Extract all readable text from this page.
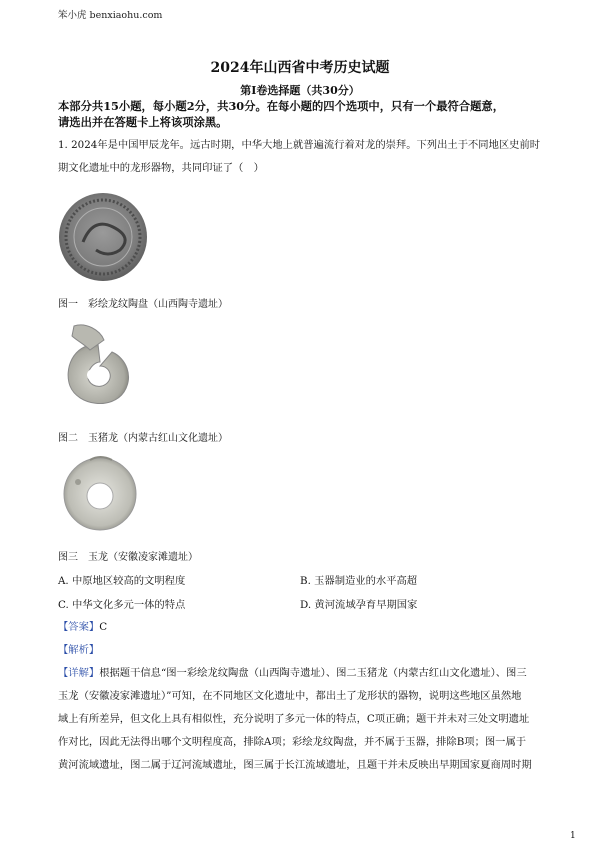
笨小虎 benxiaohu.com
2024年山西省中考历史试题
第Ⅰ卷选择题（共30分）
本部分共15小题，每小题2分，共30分。在每小题的四个选项中，只有一个最符合题意，
请选出并在答题卡上将该项涂黑。
1. 2024年是中国甲辰龙年。远古时期，中华大地上就普遍流行着对龙的崇拜。下列出土于不同地区史前时
期文化遗址中的龙形器物，共同印证了（　）
图一　彩绘龙纹陶盘（山西陶寺遗址）
图二　玉猪龙（内蒙古红山文化遗址）
图三　玉龙（安徽凌家滩遗址）
A. 中原地区较高的文明程度	B. 玉器制造业的水平高超
C. 中华文化多元一体的特点	D. 黄河流域孕育早期国家
【答案】C
【解析】
【详解】根据题干信息“图一彩绘龙纹陶盘（山西陶寺遗址）、图二玉猪龙（内蒙古红山文化遗址）、图三
玉龙（安徽凌家滩遗址）”可知，在不同地区文化遗址中，都出土了龙形状的器物，说明这些地区虽然地
域上有所差异，但文化上具有相似性，充分说明了多元一体的特点，C项正确；题干并未对三处文明遗址
作对比，因此无法得出哪个文明程度高，排除A项；彩绘龙纹陶盘，并不属于玉器，排除B项；图一属于
黄河流域遗址，图二属于辽河流域遗址，图三属于长江流域遗址，且题干并未反映出早期国家夏商周时期
1
